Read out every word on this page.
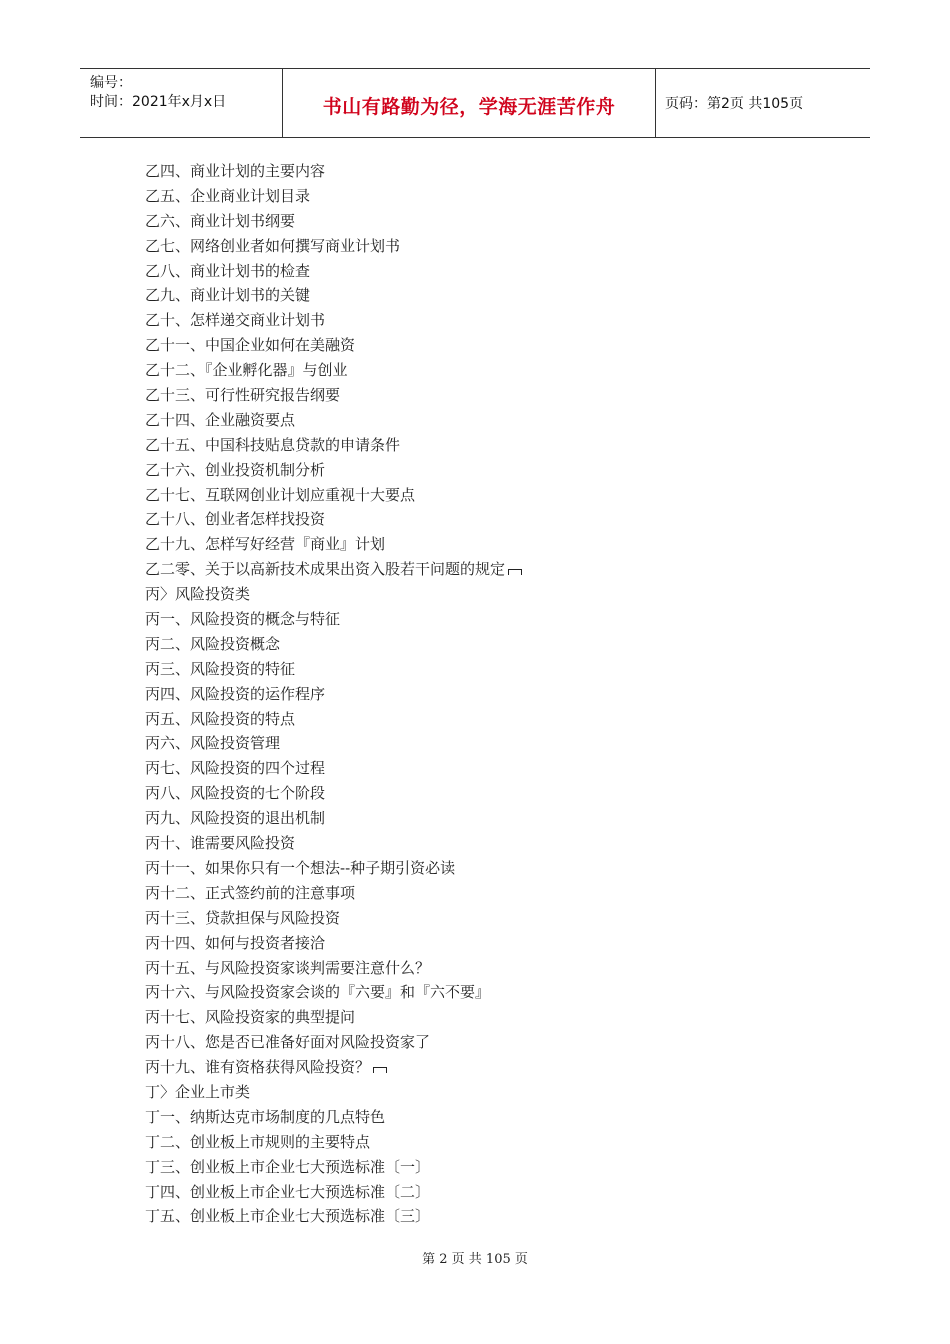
编号：
时间：2021年x月x日	书山有路勤为径，学海无涯苦作舟	页码：第2页 共105页
乙四、商业计划的主要内容
乙五、企业商业计划目录
乙六、商业计划书纲要
乙七、网络创业者如何撰写商业计划书
乙八、商业计划书的检查
乙九、商业计划书的关键
乙十、怎样递交商业计划书
乙十一、中国企业如何在美融资
乙十二、『企业孵化器』与创业
乙十三、可行性研究报告纲要
乙十四、企业融资要点
乙十五、中国科技贴息贷款的申请条件
乙十六、创业投资机制分析
乙十七、互联网创业计划应重视十大要点
乙十八、创业者怎样找投资
乙十九、怎样写好经营『商业』计划
乙二零、关于以高新技术成果出资入股若干问题的规定
丙〉风险投资类
丙一、风险投资的概念与特征
丙二、风险投资概念
丙三、风险投资的特征
丙四、风险投资的运作程序
丙五、风险投资的特点
丙六、风险投资管理
丙七、风险投资的四个过程
丙八、风险投资的七个阶段
丙九、风险投资的退出机制
丙十、谁需要风险投资
丙十一、如果你只有一个想法--种子期引资必读
丙十二、正式签约前的注意事项
丙十三、贷款担保与风险投资
丙十四、如何与投资者接洽
丙十五、与风险投资家谈判需要注意什么？
丙十六、与风险投资家会谈的『六要』和『六不要』
丙十七、风险投资家的典型提问
丙十八、您是否已准备好面对风险投资家了
丙十九、谁有资格获得风险投资？
丁〉企业上市类
丁一、纳斯达克市场制度的几点特色
丁二、创业板上市规则的主要特点
丁三、创业板上市企业七大预选标准〔一〕
丁四、创业板上市企业七大预选标准〔二〕
丁五、创业板上市企业七大预选标准〔三〕
第 2 页 共 105 页
